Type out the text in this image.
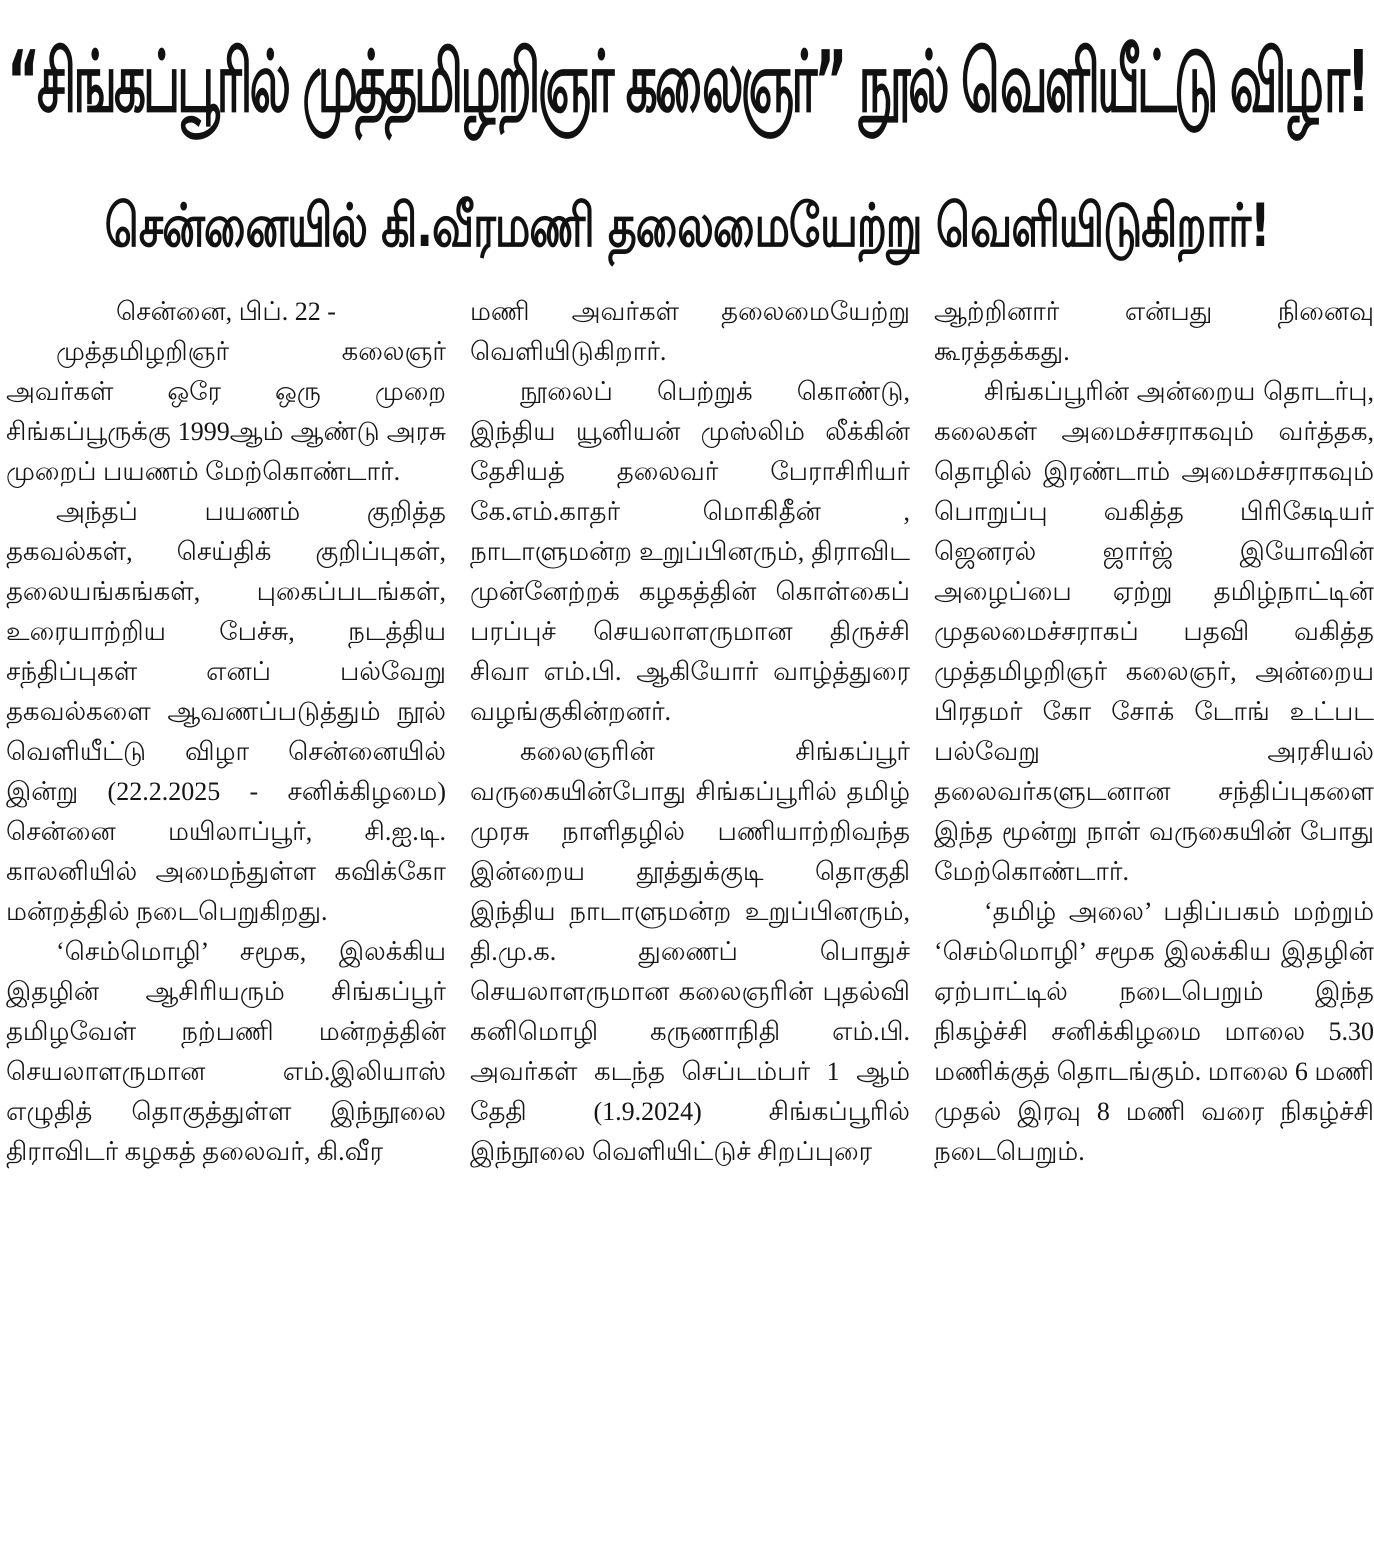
“சிங்கப்பூரில் முத்தமிழறிஞர் கலைஞர்” நூல் வெளியீட்டு விழா!
சென்னையில் கி.வீரமணி தலைமையேற்று வெளியிடுகிறார்!

சென்னை, பிப். 22 -

முத்தமிழறிஞர் கலைஞர் அவர்கள் ஒரே ஒரு முறை சிங்கப்பூருக்கு 1999ஆம் ஆண்டு அரசு முறைப் பயணம் மேற்கொண்டார்.

அந்தப் பயணம் குறித்த தகவல்கள், செய்திக் குறிப்புகள், தலையங்கங்கள், புகைப்படங்கள், உரையாற்றிய பேச்சு, நடத்திய சந்திப்புகள் எனப் பல்வேறு தகவல்களை ஆவணப்படுத்தும் நூல் வெளியீட்டு விழா சென்னையில் இன்று (22.2.2025 - சனிக்கிழமை) சென்னை மயிலாப்பூர், சி.ஐ.டி. காலனியில் அமைந்துள்ள கவிக்கோ மன்றத்தில் நடைபெறுகிறது.

‘செம்மொழி’ சமூக, இலக்கிய இதழின் ஆசிரியரும் சிங்கப்பூர் தமிழவேள் நற்பணி மன்றத்தின் செயலாளருமான எம்.இலியாஸ் எழுதித் தொகுத்துள்ள இந்நூலை திராவிடர் கழகத் தலைவர், கி.வீர

மணி அவர்கள் தலைமையேற்று வெளியிடுகிறார்.

நூலைப் பெற்றுக் கொண்டு, இந்திய யூனியன் முஸ்லிம் லீக்கின் தேசியத் தலைவர் பேராசிரியர் கே.எம்.காதர் மொகிதீன் , நாடாளுமன்ற உறுப்பினரும், திராவிட முன்னேற்றக் கழகத்தின் கொள்கைப் பரப்புச் செயலாளருமான திருச்சி சிவா எம்.பி. ஆகியோர் வாழ்த்துரை வழங்குகின்றனர்.

கலைஞரின் சிங்கப்பூர் வருகையின்போது சிங்கப்பூரில் தமிழ் முரசு நாளிதழில் பணியாற்றிவந்த இன்றைய தூத்துக்குடி தொகுதி இந்திய நாடாளுமன்ற உறுப்பினரும், தி.மு.க. துணைப் பொதுச் செயலாளருமான கலைஞரின் புதல்வி கனிமொழி கருணாநிதி எம்.பி. அவர்கள் கடந்த செப்டம்பர் 1 ஆம் தேதி (1.9.2024) சிங்கப்பூரில் இந்நூலை வெளியிட்டுச் சிறப்புரை

ஆற்றினார் என்பது நினைவு கூரத்தக்கது.

சிங்கப்பூரின் அன்றைய தொடர்பு, கலைகள் அமைச்சராகவும் வர்த்தக, தொழில் இரண்டாம் அமைச்சராகவும் பொறுப்பு வகித்த பிரிகேடியர் ஜெனரல் ஜார்ஜ் இயோவின் அழைப்பை ஏற்று தமிழ்நாட்டின் முதலமைச்சராகப் பதவி வகித்த முத்தமிழறிஞர் கலைஞர், அன்றைய பிரதமர் கோ சோக் டோங் உட்பட பல்வேறு அரசியல் தலைவர்களுடனான சந்திப்புகளை இந்த மூன்று நாள் வருகையின் போது மேற்கொண்டார்.

‘தமிழ் அலை’ பதிப்பகம் மற்றும் ‘செம்மொழி’ சமூக இலக்கிய இதழின் ஏற்பாட்டில் நடைபெறும் இந்த நிகழ்ச்சி சனிக்கிழமை மாலை 5.30 மணிக்குத் தொடங்கும். மாலை 6 மணி முதல் இரவு 8 மணி வரை நிகழ்ச்சி நடைபெறும்.
